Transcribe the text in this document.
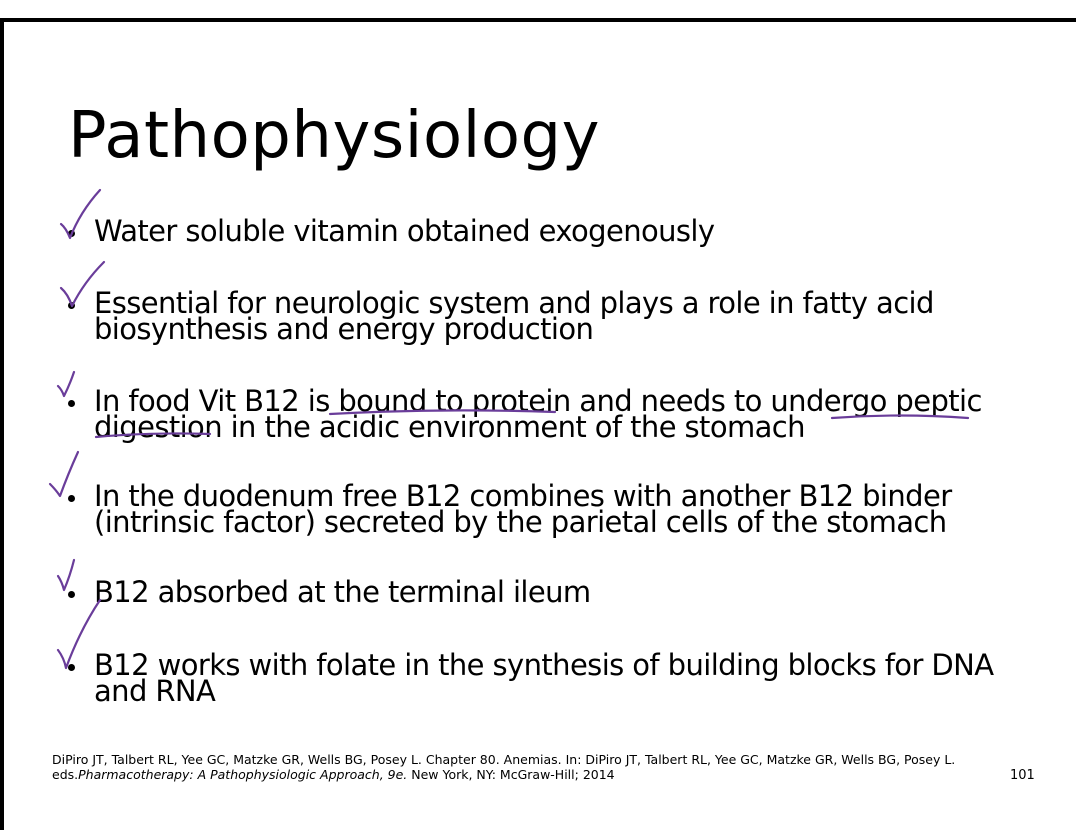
Pathophysiology
Water soluble vitamin obtained exogenously
Essential for neurologic system and plays a role in fatty acid
biosynthesis and energy production
In food Vit B12 is bound to protein and needs to undergo peptic
digestion in the acidic environment of the stomach
In the duodenum free B12 combines with another B12 binder
(intrinsic factor) secreted by the parietal cells of the stomach
B12 absorbed at the terminal ileum
B12 works with folate in the synthesis of building blocks for DNA
and RNA
DiPiro JT, Talbert RL, Yee GC, Matzke GR, Wells BG, Posey L. Chapter 80. Anemias. In: DiPiro JT, Talbert RL, Yee GC, Matzke GR, Wells BG, Posey L. eds.Pharmacotherapy: A Pathophysiologic Approach, 9e. New York, NY: McGraw-Hill; 2014	101
